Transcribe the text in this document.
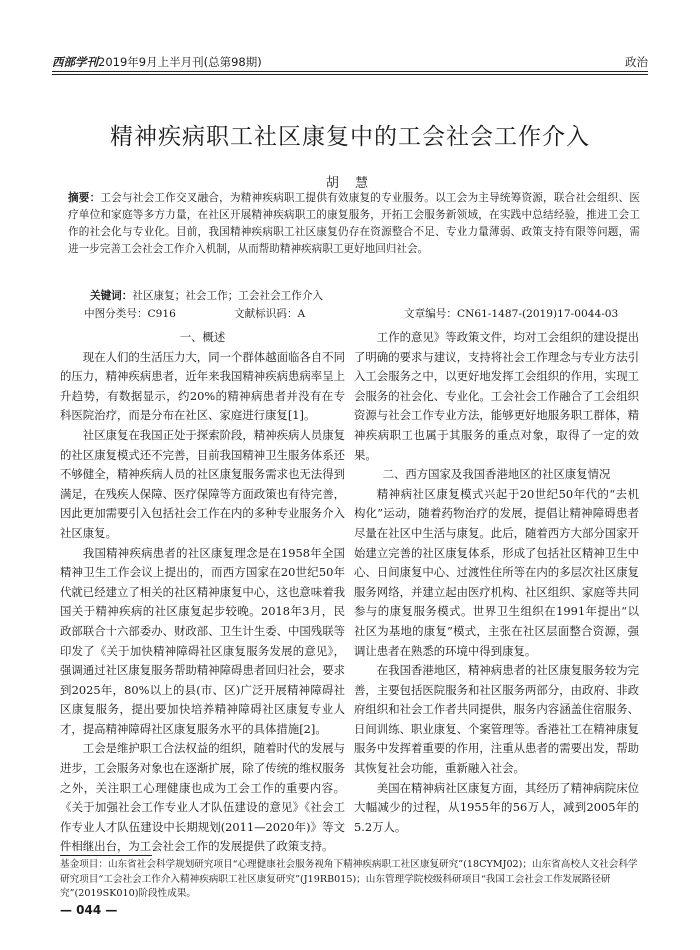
西部学刊2019年9月上半月刊(总第98期)	政治
精神疾病职工社区康复中的工会社会工作介入
胡 慧
摘要：工会与社会工作交叉融合，为精神疾病职工提供有效康复的专业服务。以工会为主导统筹资源，联合社会组织、医疗单位和家庭等多方力量，在社区开展精神疾病职工的康复服务，开拓工会服务新领域，在实践中总结经验，推进工会工作的社会化与专业化。目前，我国精神疾病职工社区康复仍存在资源整合不足、专业力量薄弱、政策支持有限等问题，需进一步完善工会社会工作介入机制，从而帮助精神疾病职工更好地回归社会。
关键词：社区康复；社会工作；工会社会工作介入
中图分类号：C916	文献标识码：A	文章编号：CN61-1487-(2019)17-0044-03
一、概述

现在人们的生活压力大，同一个群体越面临各自不同的压力，精神疾病患者，近年来我国精神疾病患病率呈上升趋势，有数据显示，约20%的精神病患者并没有在专科医院治疗，而是分布在社区、家庭进行康复[1]。

社区康复在我国正处于探索阶段，精神疾病人员康复的社区康复模式还不完善，目前我国精神卫生服务体系还不够健全，精神疾病人员的社区康复服务需求也无法得到满足，在残疾人保障、医疗保障等方面政策也有待完善，因此更加需要引入包括社会工作在内的多种专业服务介入社区康复。

我国精神疾病患者的社区康复理念是在1958年全国精神卫生工作会议上提出的，而西方国家在20世纪50年代就已经建立了相关的社区精神康复中心，这也意味着我国关于精神疾病的社区康复起步较晚。2018年3月，民政部联合十六部委办、财政部、卫生计生委、中国残联等印发了《关于加快精神障碍社区康复服务发展的意见》，强调通过社区康复服务帮助精神障碍患者回归社会，要求到2025年，80%以上的县(市、区)广泛开展精神障碍社区康复服务，提出要加快培养精神障碍社区康复专业人才，提高精神障碍社区康复服务水平的具体措施[2]。

工会是维护职工合法权益的组织，随着时代的发展与进步，工会服务对象也在逐渐扩展，除了传统的维权服务之外，关注职工心理健康也成为工会工作的重要内容。《关于加强社会工作专业人才队伍建设的意见》《社会工作专业人才队伍建设中长期规划(2011—2020年)》等文件相继出台，为工会社会工作的发展提供了政策支持。

工作的意见》等政策文件，均对工会组织的建设提出了明确的要求与建议，支持将社会工作理念与专业方法引入工会服务之中，以更好地发挥工会组织的作用，实现工会服务的社会化、专业化。工会社会工作融合了工会组织资源与社会工作专业方法，能够更好地服务职工群体，精神疾病职工也属于其服务的重点对象，取得了一定的效果。

二、西方国家及我国香港地区的社区康复情况

精神病社区康复模式兴起于20世纪50年代的“去机构化”运动，随着药物治疗的发展，提倡让精神障碍患者尽量在社区中生活与康复。此后，随着西方大部分国家开始建立完善的社区康复体系，形成了包括社区精神卫生中心、日间康复中心、过渡性住所等在内的多层次社区康复服务网络，并建立起由医疗机构、社区组织、家庭等共同参与的康复服务模式。世界卫生组织在1991年提出“以社区为基地的康复”模式，主张在社区层面整合资源，强调让患者在熟悉的环境中得到康复。

在我国香港地区，精神病患者的社区康复服务较为完善，主要包括医院服务和社区服务两部分，由政府、非政府组织和社会工作者共同提供，服务内容涵盖住宿服务、日间训练、职业康复、个案管理等。香港社工在精神康复服务中发挥着重要的作用，注重从患者的需要出发，帮助其恢复社会功能，重新融入社会。

美国在精神病社区康复方面，其经历了精神病院床位大幅减少的过程，从1955年的56万人，减到2005年的5.2万人。

基金项目：山东省社会科学规划研究项目“心理健康社会服务视角下精神疾病职工社区康复研究”(18CYMJ02)；山东省高校人文社会科学研究项目“工会社会工作介入精神疾病职工社区康复研究”(J19RB015)；山东管理学院校级科研项目“我国工会社会工作发展路径研究”(2019SK010)阶段性成果。
— 044 —
